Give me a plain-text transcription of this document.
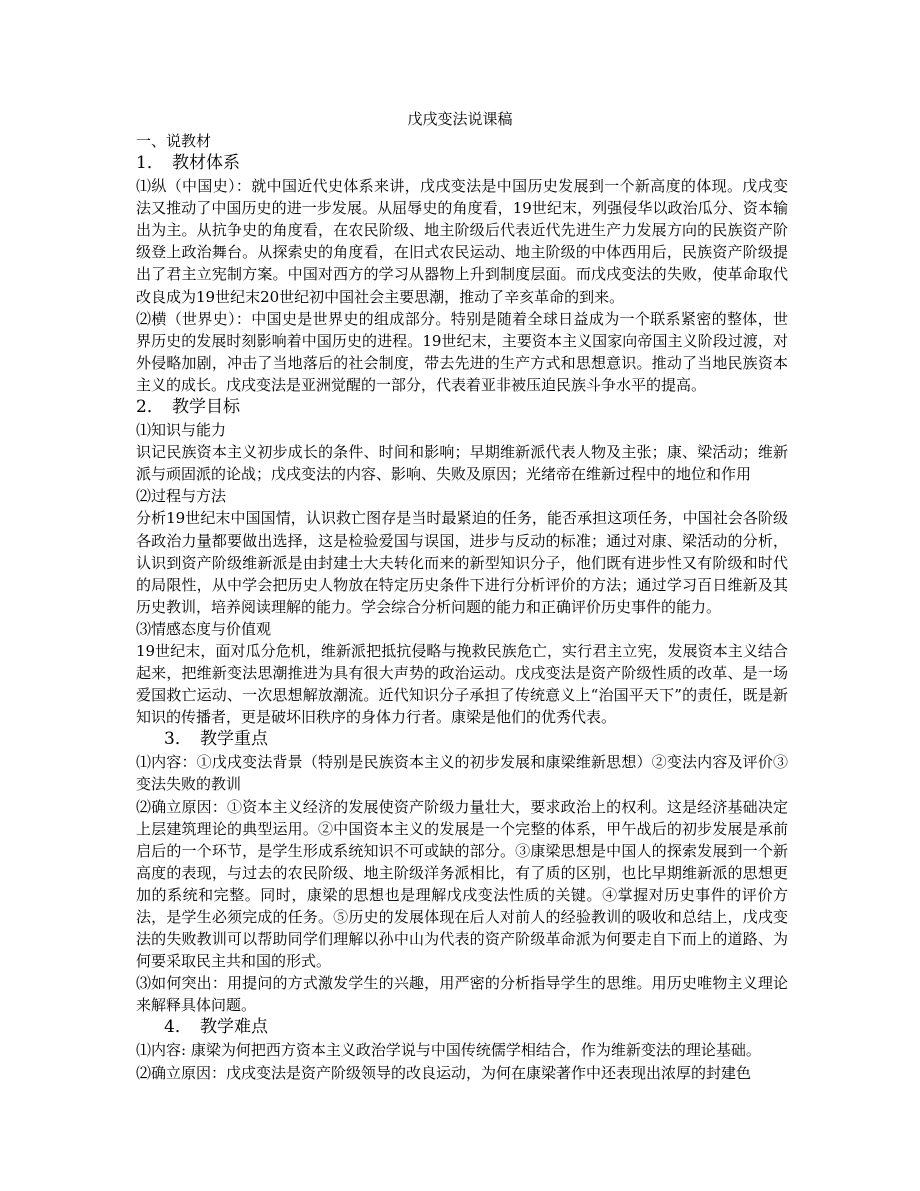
戊戌变法说课稿

一、说教材

1． 教材体系

⑴纵（中国史）：就中国近代史体系来讲，戊戌变法是中国历史发展到一个新高度的体现。戊戌变法又推动了中国历史的进一步发展。从屈辱史的角度看，19世纪末，列强侵华以政治瓜分、资本输出为主。从抗争史的角度看，在农民阶级、地主阶级后代表近代先进生产力发展方向的民族资产阶级登上政治舞台。从探索史的角度看，在旧式农民运动、地主阶级的中体西用后，民族资产阶级提出了君主立宪制方案。中国对西方的学习从器物上升到制度层面。而戊戌变法的失败，使革命取代改良成为19世纪末20世纪初中国社会主要思潮，推动了辛亥革命的到来。

⑵横（世界史）：中国史是世界史的组成部分。特别是随着全球日益成为一个联系紧密的整体，世界历史的发展时刻影响着中国历史的进程。19世纪末，主要资本主义国家向帝国主义阶段过渡，对外侵略加剧，冲击了当地落后的社会制度，带去先进的生产方式和思想意识。推动了当地民族资本主义的成长。戊戌变法是亚洲觉醒的一部分，代表着亚非被压迫民族斗争水平的提高。

2． 教学目标

⑴知识与能力

识记民族资本主义初步成长的条件、时间和影响；早期维新派代表人物及主张；康、梁活动；维新派与顽固派的论战；戊戌变法的内容、影响、失败及原因；光绪帝在维新过程中的地位和作用

⑵过程与方法

分析19世纪末中国国情，认识救亡图存是当时最紧迫的任务，能否承担这项任务，中国社会各阶级各政治力量都要做出选择，这是检验爱国与误国，进步与反动的标准；通过对康、梁活动的分析，认识到资产阶级维新派是由封建士大夫转化而来的新型知识分子，他们既有进步性又有阶级和时代的局限性，从中学会把历史人物放在特定历史条件下进行分析评价的方法；通过学习百日维新及其历史教训，培养阅读理解的能力。学会综合分析问题的能力和正确评价历史事件的能力。

⑶情感态度与价值观

19世纪末，面对瓜分危机，维新派把抵抗侵略与挽救民族危亡，实行君主立宪，发展资本主义结合起来，把维新变法思潮推进为具有很大声势的政治运动。戊戌变法是资产阶级性质的改革、是一场爱国救亡运动、一次思想解放潮流。近代知识分子承担了传统意义上“治国平天下”的责任，既是新知识的传播者，更是破坏旧秩序的身体力行者。康梁是他们的优秀代表。

3． 教学重点

⑴内容：①戊戌变法背景（特别是民族资本主义的初步发展和康梁维新思想）②变法内容及评价③变法失败的教训

⑵确立原因：①资本主义经济的发展使资产阶级力量壮大，要求政治上的权利。这是经济基础决定上层建筑理论的典型运用。②中国资本主义的发展是一个完整的体系，甲午战后的初步发展是承前启后的一个环节，是学生形成系统知识不可或缺的部分。③康梁思想是中国人的探索发展到一个新高度的表现，与过去的农民阶级、地主阶级洋务派相比，有了质的区别，也比早期维新派的思想更加的系统和完整。同时，康梁的思想也是理解戊戌变法性质的关键。④掌握对历史事件的评价方法，是学生必须完成的任务。⑤历史的发展体现在后人对前人的经验教训的吸收和总结上，戊戌变法的失败教训可以帮助同学们理解以孙中山为代表的资产阶级革命派为何要走自下而上的道路、为何要采取民主共和国的形式。

⑶如何突出：用提问的方式激发学生的兴趣，用严密的分析指导学生的思维。用历史唯物主义理论来解释具体问题。

4． 教学难点

⑴内容: 康梁为何把西方资本主义政治学说与中国传统儒学相结合，作为维新变法的理论基础。

⑵确立原因：戊戌变法是资产阶级领导的改良运动，为何在康梁著作中还表现出浓厚的封建色
